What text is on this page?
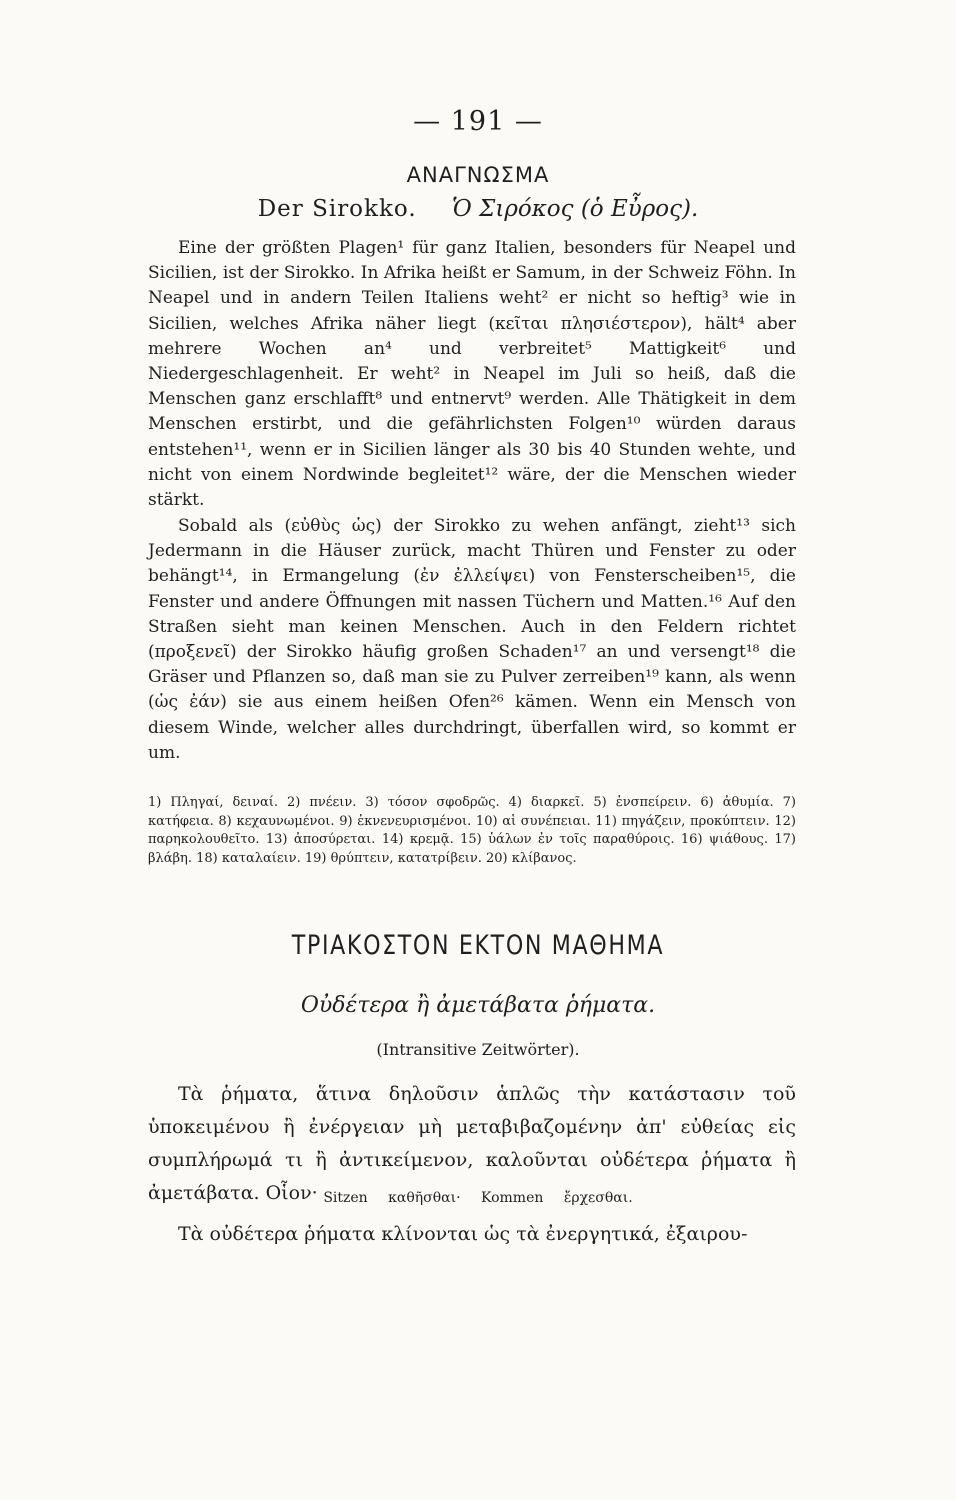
— 191 —
ΑΝΑΓΝΩΣΜΑ
Der Sirokko. Ὁ Σιρόκος (ὁ Εὖρος).

Eine der größten Plagen¹ für ganz Italien, besonders für Neapel und Sicilien, ist der Sirokko. In Afrika heißt er Samum, in der Schweiz Föhn. In Neapel und in andern Teilen Italiens weht² er nicht so heftig³ wie in Sicilien, welches Afrika näher liegt (κεῖται πλησιέστερον), hält⁴ aber mehrere Wochen an⁴ und verbreitet⁵ Mattigkeit⁶ und Niedergeschlagenheit. Er weht² in Neapel im Juli so heiß, daß die Menschen ganz erschlafft⁸ und entnervt⁹ werden. Alle Thätigkeit in dem Menschen erstirbt, und die gefährlichsten Folgen¹⁰ würden daraus entstehen¹¹, wenn er in Sicilien länger als 30 bis 40 Stunden wehte, und nicht von einem Nordwinde begleitet¹² wäre, der die Menschen wieder stärkt.

Sobald als (εὐθὺς ὡς) der Sirokko zu wehen anfängt, zieht¹³ sich Jedermann in die Häuser zurück, macht Thüren und Fenster zu oder behängt¹⁴, in Ermangelung (ἐν ἐλλείψει) von Fensterscheiben¹⁵, die Fenster und andere Öffnungen mit nassen Tüchern und Matten.¹⁶ Auf den Straßen sieht man keinen Menschen. Auch in den Feldern richtet (προξενεῖ) der Sirokko häufig großen Schaden¹⁷ an und versengt¹⁸ die Gräser und Pflanzen so, daß man sie zu Pulver zerreiben¹⁹ kann, als wenn (ὡς ἐάν) sie aus einem heißen Ofen²⁶ kämen. Wenn ein Mensch von diesem Winde, welcher alles durchdringt, überfallen wird, so kommt er um.

1) Πληγαί, δειναί. 2) πνέειν. 3) τόσον σφοδρῶς. 4) διαρκεῖ. 5) ἐνσπείρειν. 6) ἀθυμία. 7) κατήφεια. 8) κεχαυνωμένοι. 9) ἐκνενευρισμένοι. 10) αἱ συνέπειαι. 11) πηγάζειν, προκύπτειν. 12) παρηκολουθεῖτο. 13) ἀποσύρεται. 14) κρεμᾷ. 15) ὑάλων ἐν τοῖς παραθύροις. 16) ψιάθους. 17) βλάβη. 18) καταλαίειν. 19) θρύπτειν, κατατρίβειν. 20) κλίβανος.
ΤΡΙΑΚΟΣΤΟΝ ΕΚΤΟΝ ΜΑΘΗΜΑ
Οὐδέτερα ἢ ἀμετάβατα ῥήματα.
(Intransitive Zeitwörter).

Τὰ ῥήματα, ἅτινα δηλοῦσιν ἁπλῶς τὴν κατάστασιν τοῦ ὑποκειμένου ἢ ἐνέργειαν μὴ μεταβιβαζομένην ἀπ' εὐθείας εἰς συμπλήρωμά τι ἢ ἀντικείμενον, καλοῦνται οὐδέτερα ῥήματα ἢ ἀμετάβατα. Οἷον· Sitzen καθῆσθαι· Kommen ἔρχεσθαι.
Τὰ οὐδέτερα ῥήματα κλίνονται ὡς τὰ ἐνεργητικά, ἐξαιρου-
